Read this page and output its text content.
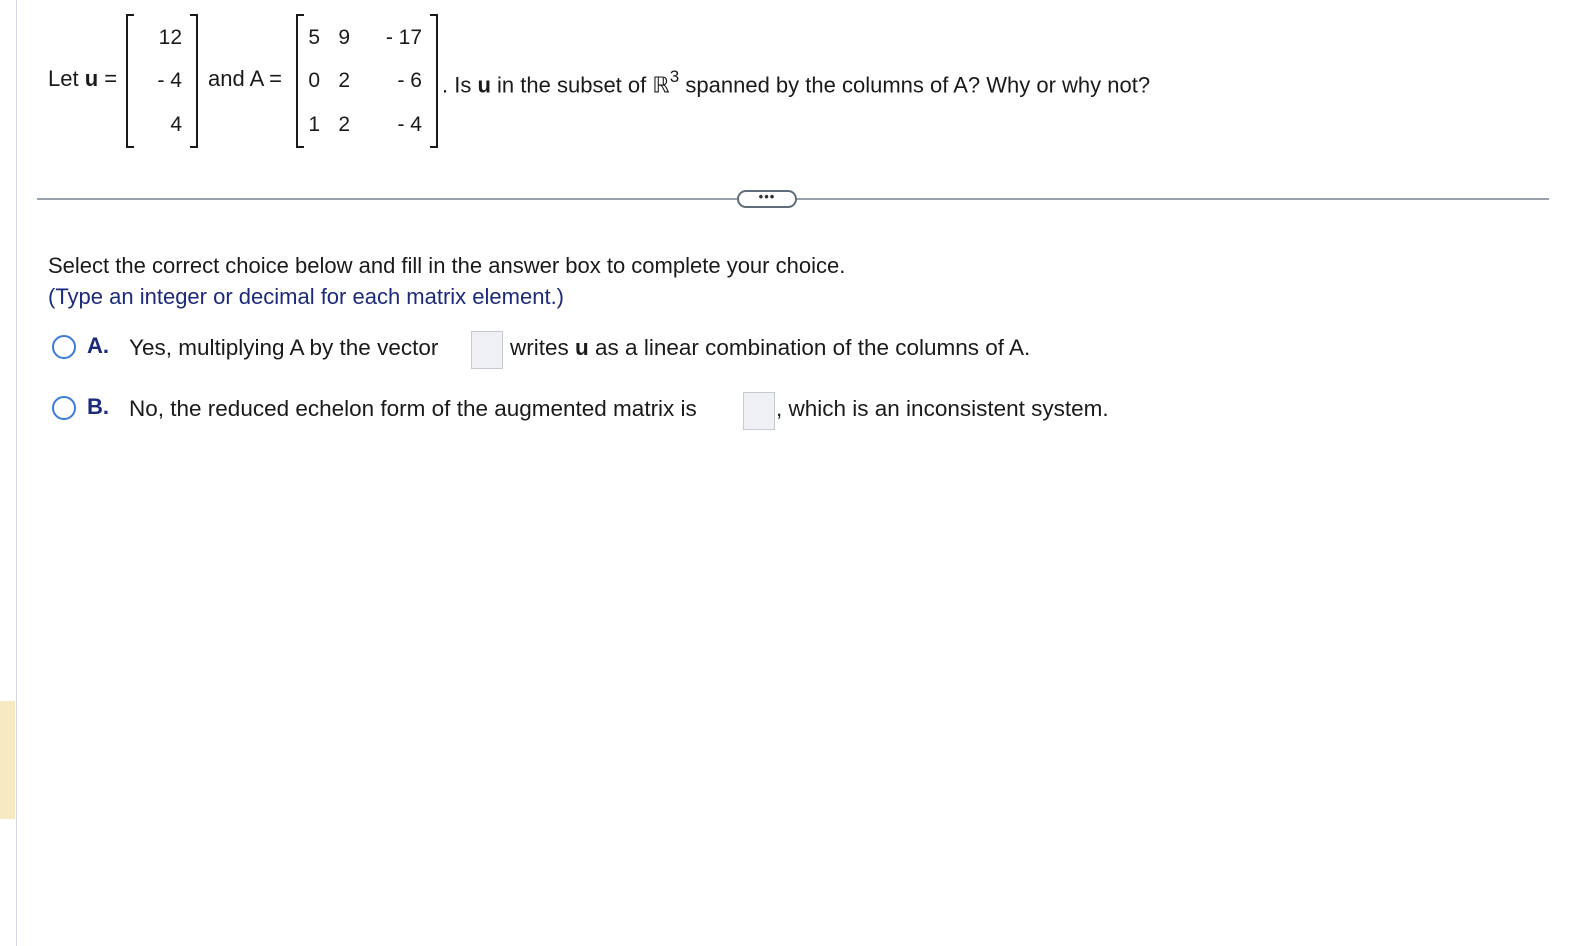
Let u =
12
- 4
4
and A =
5 9 - 17
0 2 - 6
1 2 - 4
. Is u in the subset of ℝ$^3$ spanned by the columns of A? Why or why not?
•••
Select the correct choice below and fill in the answer box to complete your choice.
(Type an integer or decimal for each matrix element.)
A. Yes, multiplying A by the vector	writes u as a linear combination of the columns of A.
B. No, the reduced echelon form of the augmented matrix is	, which is an inconsistent system.
